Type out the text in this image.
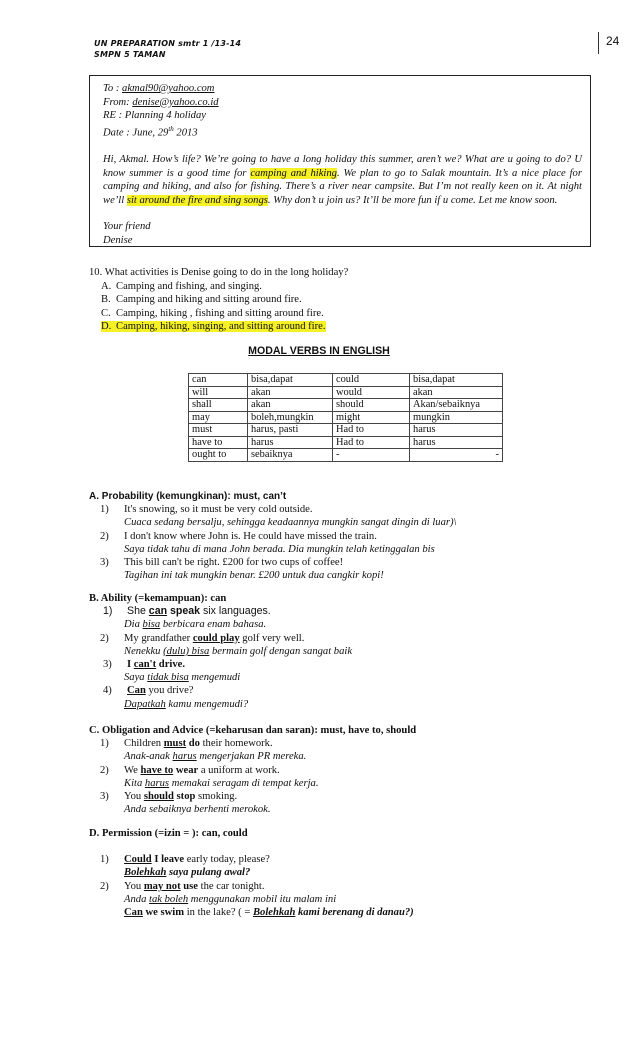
UN PREPARATION smtr 1 /13-14
SMPN 5 TAMAN
24

To : akmal90@yahoo.com

From: denise@yahoo.co.id

RE : Planning 4 holiday

Date : June, 29th 2013

Hi, Akmal. How’s life? We’re going to have a long holiday this summer, aren’t we? What are u going to do? U know summer is a good time for camping and hiking. We plan to go to Salak mountain. It’s a nice place for camping and hiking, and also for fishing. There’s a river near campsite. But I’m not really keen on it. At night we’ll sit around the fire and sing songs. Why don’t u join us? It’ll be more fun if u come. Let me know soon.

Your friend

Denise

10. What activities is Denise going to do in the long holiday?
A. Camping and fishing, and singing.
B. Camping and hiking and sitting around fire.
C. Camping, hiking , fishing and sitting around fire.
D. Camping, hiking, singing, and sitting around fire.
MODAL VERBS IN ENGLISH
can	bisa,dapat	could	bisa,dapat
will	akan	would	akan
shall	akan	should	Akan/sebaiknya
may	boleh,mungkin	might	mungkin
must	harus, pasti	Had to	harus
have to	harus	Had to	harus
ought to	sebaiknya	-	-
A. Probability (kemungkinan): must, can’t
1) It's snowing, so it must be very cold outside.
Cuaca sedang bersalju, sehingga keadaannya mungkin sangat dingin di luar)\
2) I don't know where John is. He could have missed the train.
Saya tidak tahu di mana John berada. Dia mungkin telah ketinggalan bis
3) This bill can't be right. £200 for two cups of coffee!
Tagihan ini tak mungkin benar. £200 untuk dua cangkir kopi!
B. Ability (=kemampuan): can
1) She can speak six languages.
Dia bisa berbicara enam bahasa.
2) My grandfather could play golf very well.
Nenekku (dulu) bisa bermain golf dengan sangat baik
3) I can't drive.
Saya tidak bisa mengemudi
4) Can you drive?
Dapatkah kamu mengemudi?
C. Obligation and Advice (=keharusan dan saran): must, have to, should
1) Children must do their homework.
Anak-anak harus mengerjakan PR mereka.
2) We have to wear a uniform at work.
Kita harus memakai seragam di tempat kerja.
3) You should stop smoking.
Anda sebaiknya berhenti merokok.
D. Permission (=izin = ): can, could
1) Could I leave early today, please?
Bolehkah saya pulang awal?
2) You may not use the car tonight.
Anda tak boleh menggunakan mobil itu malam ini
Can we swim in the lake? ( = Bolehkah kami berenang di danau?)
